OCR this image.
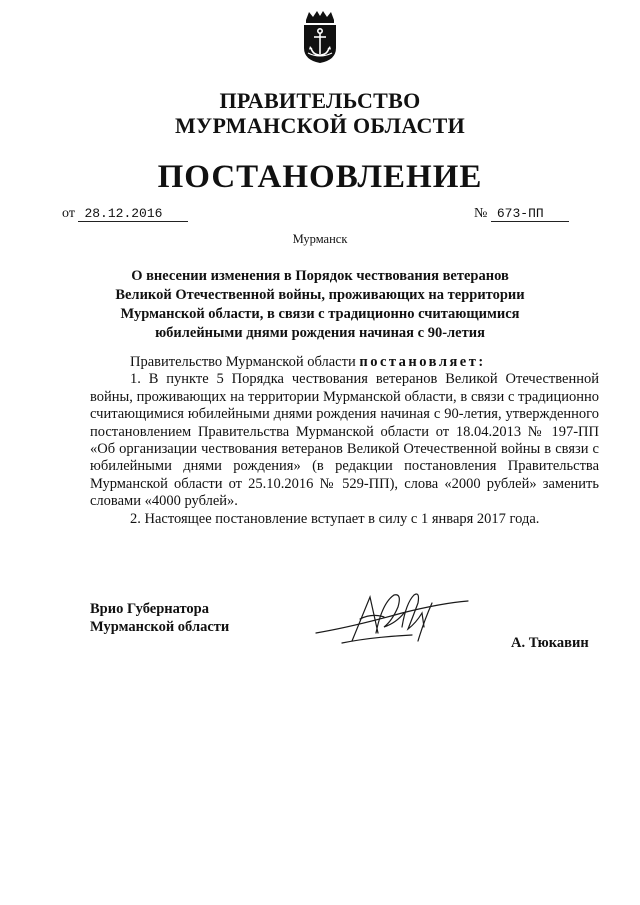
ПРАВИТЕЛЬСТВО
МУРМАНСКОЙ ОБЛАСТИ
ПОСТАНОВЛЕНИЕ
от 28.12.2016	№ 673-ПП
Мурманск
О внесении изменения в Порядок чествования ветеранов Великой Отечественной войны, проживающих на территории Мурманской области, в связи с традиционно считающимися юбилейными днями рождения начиная с 90-летия

Правительство Мурманской области постановляет:

1. В пункте 5 Порядка чествования ветеранов Великой Отечественной войны, проживающих на территории Мурманской области, в связи с традиционно считающимися юбилейными днями рождения начиная с 90-летия, утвержденного постановлением Правительства Мурманской области от 18.04.2013 № 197-ПП «Об организации чествования ветеранов Великой Отечественной войны в связи с юбилейными днями рождения» (в редакции постановления Правительства Мурманской области от 25.10.2016 № 529-ПП), слова «2000 рублей» заменить словами «4000 рублей».

2. Настоящее постановление вступает в силу с 1 января 2017 года.

Врио Губернатора
Мурманской области
А. Тюкавин
